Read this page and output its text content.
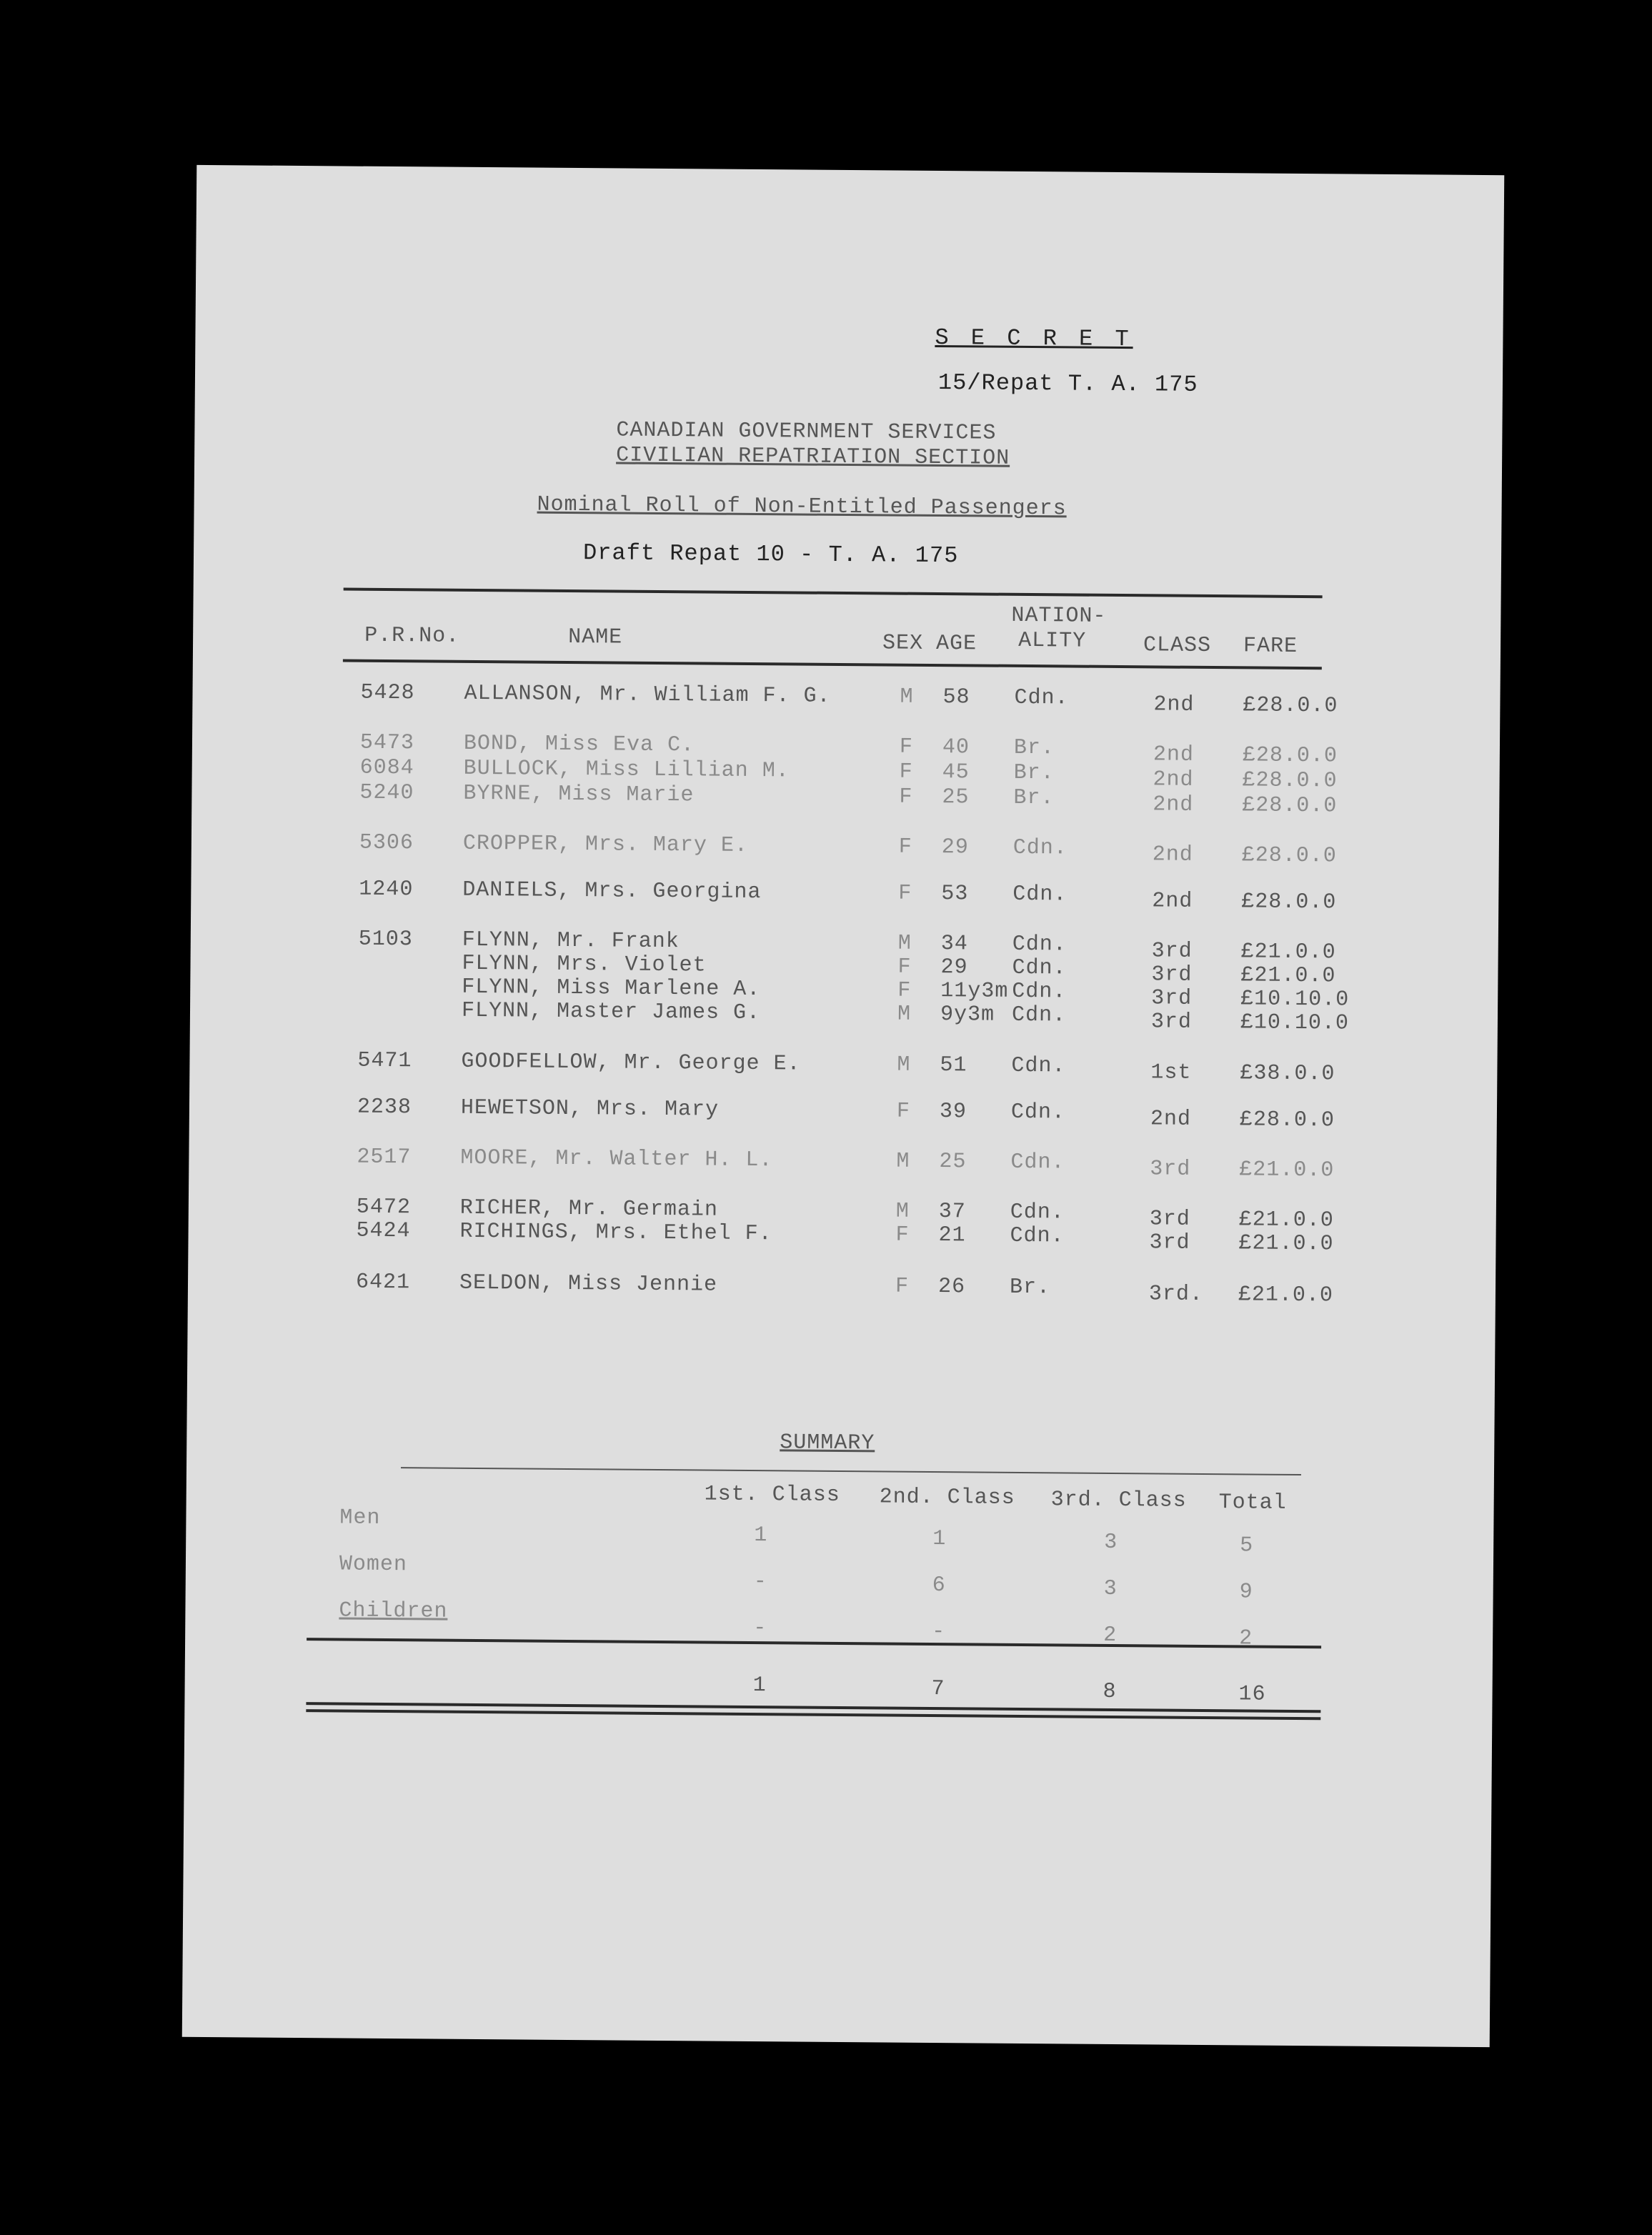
S E C R E T
15/Repat T. A. 175
CANADIAN GOVERNMENT SERVICES
CIVILIAN REPATRIATION SECTION
Nominal Roll of Non-Entitled Passengers
Draft Repat 10 - T. A. 175
P.R.No.	NAME	SEX AGE
NATION-
ALITY	CLASS FARE
5428 ALLANSON, Mr. William F. G.	M 58 Cdn.	2nd £28.0.0
5473 BOND, Miss Eva C.	F 40 Br.	2nd £28.0.0
6084 BULLOCK, Miss Lillian M.	F 45 Br.	2nd £28.0.0
5240 BYRNE, Miss Marie	F 25 Br.	2nd £28.0.0
5306 CROPPER, Mrs. Mary E.	F 29 Cdn.	2nd £28.0.0
1240 DANIELS, Mrs. Georgina	F 53 Cdn.	2nd £28.0.0
5103 FLYNN, Mr. Frank	M 34 Cdn.	3rd £21.0.0
FLYNN, Mrs. Violet	F 29 Cdn.	3rd £21.0.0
FLYNN, Miss Marlene A.	F 11y3m Cdn.	3rd £10.10.0
FLYNN, Master James G.	M 9y3m Cdn.	3rd £10.10.0
5471 GOODFELLOW, Mr. George E.	M 51 Cdn.	1st £38.0.0
2238 HEWETSON, Mrs. Mary	F 39 Cdn.	2nd £28.0.0
2517 MOORE, Mr. Walter H. L.	M 25 Cdn.	3rd £21.0.0
5472 RICHER, Mr. Germain	M 37 Cdn.	3rd £21.0.0
5424 RICHINGS, Mrs. Ethel F.	F 21 Cdn.	3rd £21.0.0
6421 SELDON, Miss Jennie	F 26 Br.	3rd. £21.0.0
SUMMARY
1st. Class 2nd. Class 3rd. Class Total
Men
1	1	3	5
Women
-	6	3	9
Children
-	-	2	2
1	7	8	16
